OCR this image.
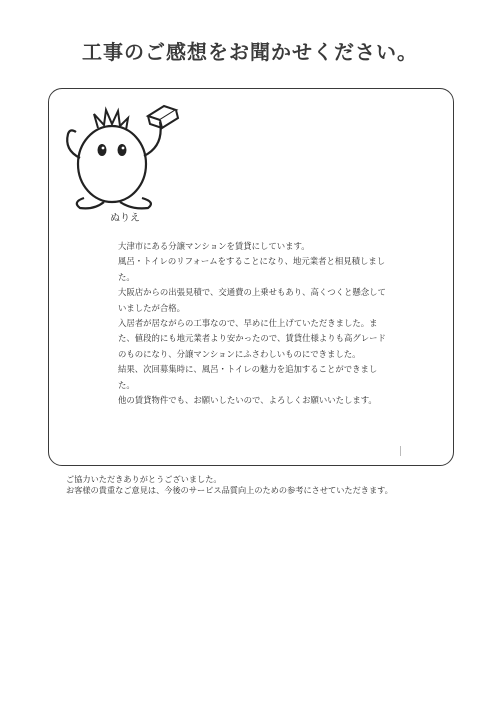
工事のご感想をお聞かせください。
ぬりえ

大津市にある分譲マンションを賃貸にしています。

風呂・トイレのリフォームをすることになり、地元業者と相見積しました。

大阪店からの出張見積で、交通費の上乗せもあり、高くつくと懸念していましたが合格。

入居者が居ながらの工事なので、早めに仕上げていただきました。また、値段的にも地元業者より安かったので、賃貸仕様よりも高グレードのものになり、分譲マンションにふさわしいものにできました。

結果、次回募集時に、風呂・トイレの魅力を追加することができました。

他の賃貸物件でも、お願いしたいので、よろしくお願いいたします。

ご協力いただきありがとうございました。
お客様の貴重なご意見は、今後のサービス品質向上のための参考にさせていただきます。
